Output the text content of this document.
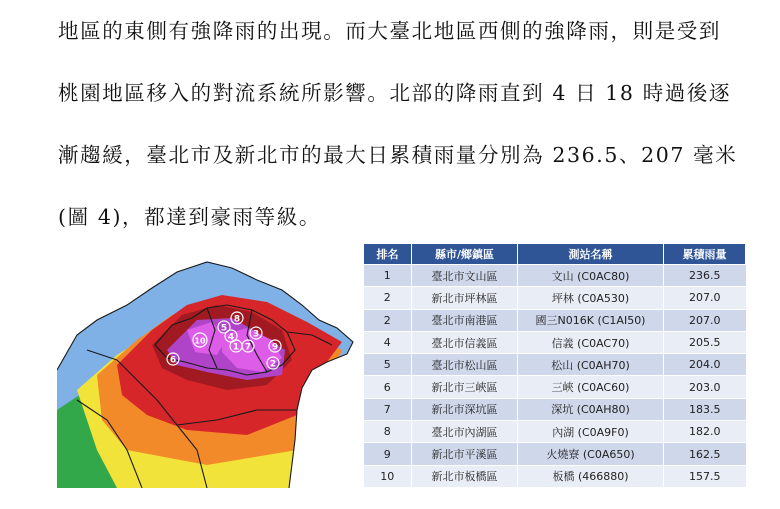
地區的東側有強降雨的出現。而大臺北地區西側的強降雨，則是受到
桃園地區移入的對流系統所影響。北部的降雨直到 4 日 18 時過後逐
漸趨緩，臺北市及新北市的最大日累積雨量分別為 236.5、207 毫米
(圖 4)，都達到豪雨等級。
1
2
3
4
5
6
7
8
9
10
排名	縣市/鄉鎮區	測站名稱	累積雨量
1	臺北市文山區	文山 (C0AC80)	236.5
2	新北市坪林區	坪林 (C0A530)	207.0
2	臺北市南港區	國三N016K (C1AI50)	207.0
4	臺北市信義區	信義 (C0AC70)	205.5
5	臺北市松山區	松山 (C0AH70)	204.0
6	新北市三峽區	三峽 (C0AC60)	203.0
7	新北市深坑區	深坑 (C0AH80)	183.5
8	臺北市內湖區	內湖 (C0A9F0)	182.0
9	新北市平溪區	火燒寮 (C0A650)	162.5
10	新北市板橋區	板橋 (466880)	157.5
